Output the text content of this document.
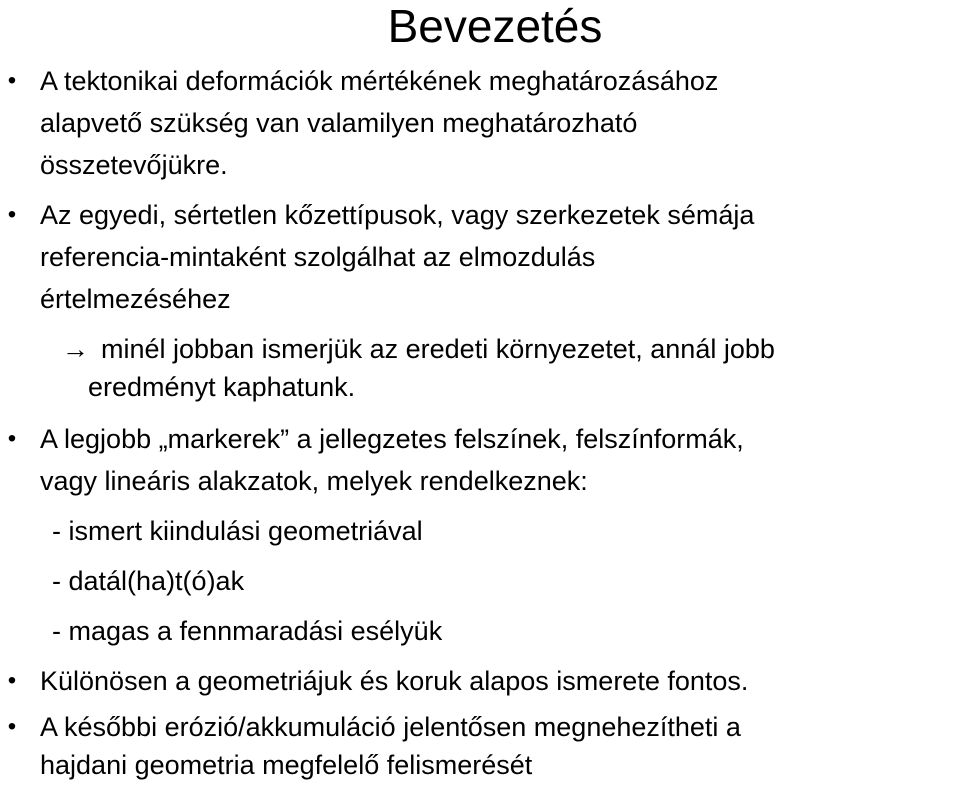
Bevezetés
• A tektonikai deformációk mértékének meghatározásához
alapvető szükség van valamilyen meghatározható
összetevőjükre.
• Az egyedi, sértetlen kőzettípusok, vagy szerkezetek sémája
referencia-mintaként szolgálhat az elmozdulás
értelmezéséhez
→ minél jobban ismerjük az eredeti környezetet, annál jobb
eredményt kaphatunk.
• A legjobb „markerek” a jellegzetes felszínek, felszínformák,
vagy lineáris alakzatok, melyek rendelkeznek:
- ismert kiindulási geometriával
- datál(ha)t(ó)ak
- magas a fennmaradási esélyük
• Különösen a geometriájuk és koruk alapos ismerete fontos.
• A későbbi erózió/akkumuláció jelentősen megnehezítheti a
hajdani geometria megfelelő felismerését
